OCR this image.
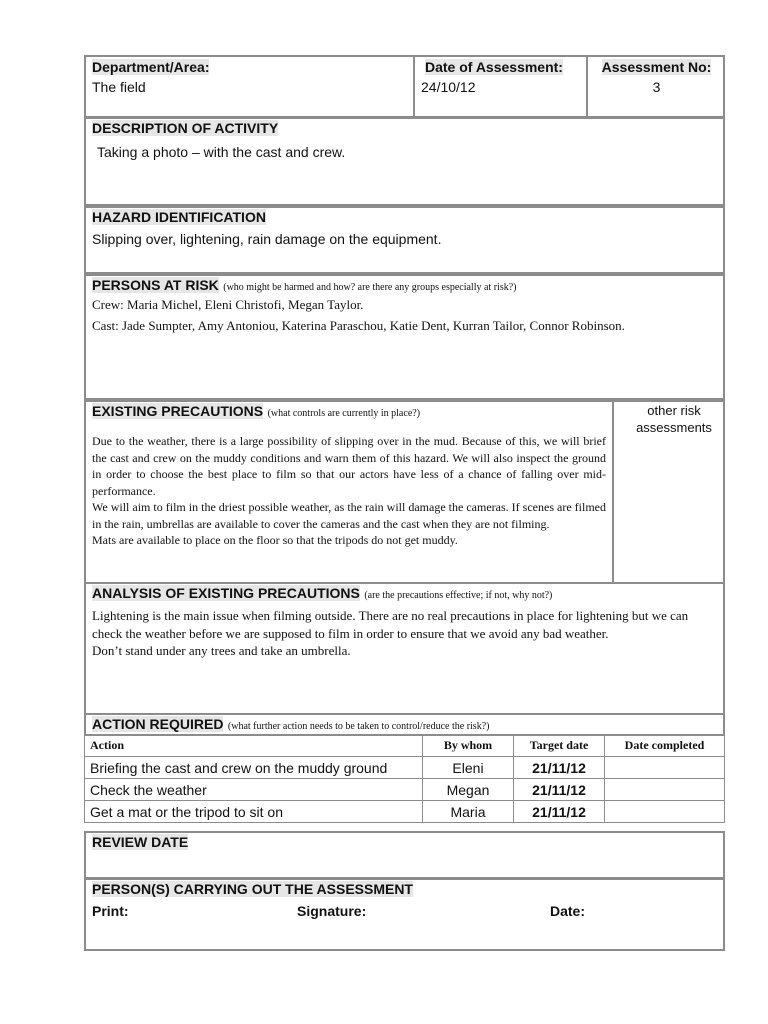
Department/Area:
The field
Date of Assessment:
24/10/12
Assessment No:
3
DESCRIPTION OF ACTIVITY
Taking a photo – with the cast and crew.
HAZARD IDENTIFICATION
Slipping over, lightening, rain damage on the equipment.
PERSONS AT RISK (who might be harmed and how? are there any groups especially at risk?)
Crew: Maria Michel, Eleni Christofi, Megan Taylor.
Cast: Jade Sumpter, Amy Antoniou, Katerina Paraschou, Katie Dent, Kurran Tailor, Connor Robinson.
EXISTING PRECAUTIONS (what controls are currently in place?)
Due to the weather, there is a large possibility of slipping over in the mud. Because of this, we will brief the cast and crew on the muddy conditions and warn them of this hazard. We will also inspect the ground in order to choose the best place to film so that our actors have less of a chance of falling over mid-performance.
We will aim to film in the driest possible weather, as the rain will damage the cameras. If scenes are filmed in the rain, umbrellas are available to cover the cameras and the cast when they are not filming.
Mats are available to place on the floor so that the tripods do not get muddy.
other risk assessments
ANALYSIS OF EXISTING PRECAUTIONS (are the precautions effective; if not, why not?)
Lightening is the main issue when filming outside. There are no real precautions in place for lightening but we can check the weather before we are supposed to film in order to ensure that we avoid any bad weather.
Don’t stand under any trees and take an umbrella.
ACTION REQUIRED (what further action needs to be taken to control/reduce the risk?)
Action	By whom	Target date	Date completed
Briefing the cast and crew on the muddy ground	Eleni	21/11/12	
Check the weather	Megan	21/11/12	
Get a mat or the tripod to sit on	Maria	21/11/12	
REVIEW DATE
PERSON(S) CARRYING OUT THE ASSESSMENT
Print:	Signature:	Date:
